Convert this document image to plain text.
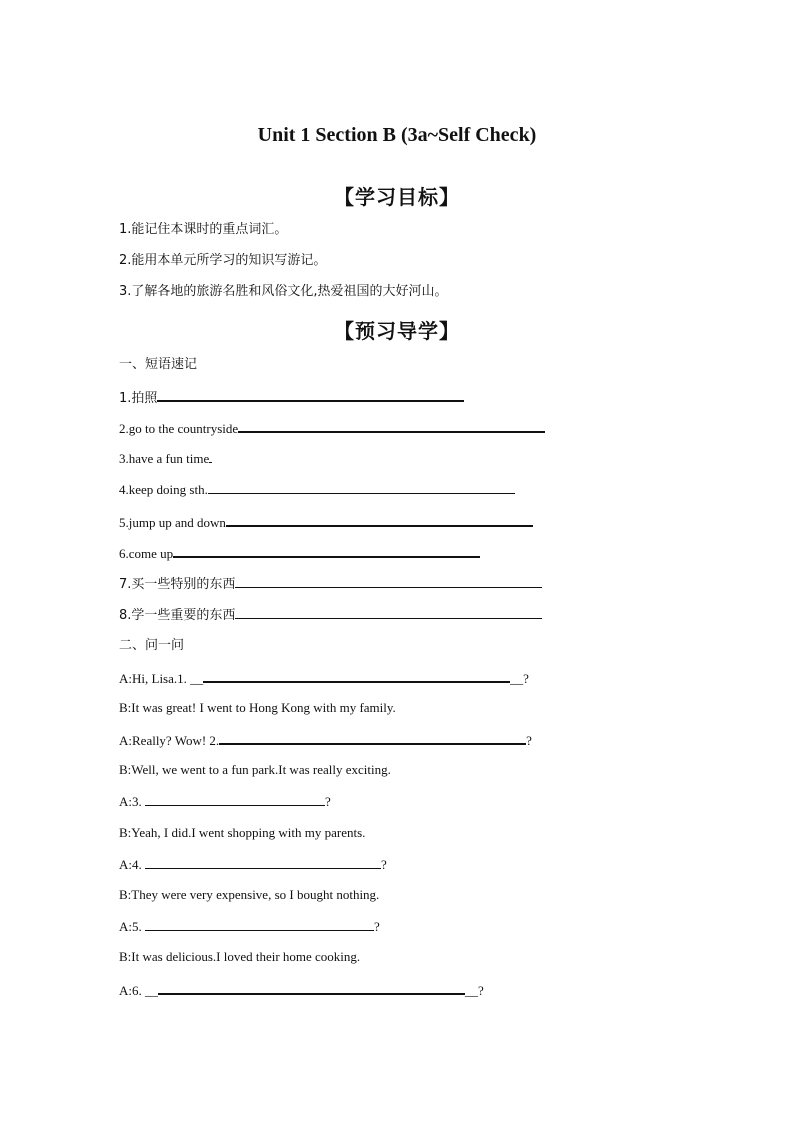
Unit 1 Section B (3a~Self Check)
【学习目标】
1.能记住本课时的重点词汇。
2.能用本单元所学习的知识写游记。
3.了解各地的旅游名胜和风俗文化,热爱祖国的大好河山。
【预习导学】
一、短语速记
1.拍照
2.go to the countryside
3.have a fun time
4.keep doing sth.
5.jump up and down
6.come up
7.买一些特别的东西
8.学一些重要的东西
二、问一问
A:Hi, Lisa.1. __	__?
B:It was great! I went to Hong Kong with my family.
A:Really? Wow! 2.	?
B:Well, we went to a fun park.It was really exciting.
A:3.	?
B:Yeah, I did.I went shopping with my parents.
A:4.	?
B:They were very expensive, so I bought nothing.
A:5.	?
B:It was delicious.I loved their home cooking.
A:6. __	__?
